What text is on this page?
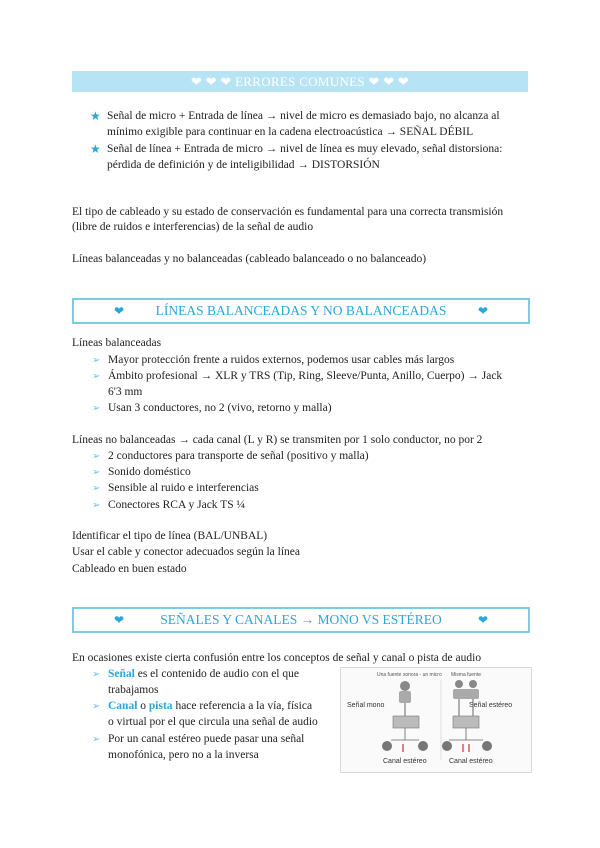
❤ ❤ ❤ ERRORES COMUNES ❤ ❤ ❤
★ Señal de micro + Entrada de línea → nivel de micro es demasiado bajo, no alcanza al
mínimo exigible para continuar en la cadena electroacústica → SEÑAL DÉBIL
★ Señal de línea + Entrada de micro → nivel de línea es muy elevado, señal distorsiona:
pérdida de definición y de inteligibilidad → DISTORSIÓN
El tipo de cableado y su estado de conservación es fundamental para una correcta transmisión
(libre de ruidos e interferencias) de la señal de audio
Líneas balanceadas y no balanceadas (cableado balanceado o no balanceado)
❤	LÍNEAS BALANCEADAS Y NO BALANCEADAS	❤
Líneas balanceadas
➢ Mayor protección frente a ruidos externos, podemos usar cables más largos
➢ Ámbito profesional → XLR y TRS (Tip, Ring, Sleeve/Punta, Anillo, Cuerpo) → Jack
6'3 mm
➢ Usan 3 conductores, no 2 (vivo, retorno y malla)
Líneas no balanceadas → cada canal (L y R) se transmiten por 1 solo conductor, no por 2
➢ 2 conductores para transporte de señal (positivo y malla)
➢ Sonido doméstico
➢ Sensible al ruido e interferencias
➢ Conectores RCA y Jack TS ¼
Identificar el tipo de línea (BAL/UNBAL)
Usar el cable y conector adecuados según la línea
Cableado en buen estado
❤	SEÑALES Y CANALES → MONO VS ESTÉREO	❤
En ocasiones existe cierta confusión entre los conceptos de señal y canal o pista de audio
➢ Señal es el contenido de audio con el que
trabajamos
➢ Canal o pista hace referencia a la vía, física
o virtual por el que circula una señal de audio
➢ Por un canal estéreo puede pasar una señal
monofónica, pero no a la inversa
Una fuente sonora - un micro Misma fuente
Señal mono	Señal estéreo
Canal estéreo	Canal estéreo
